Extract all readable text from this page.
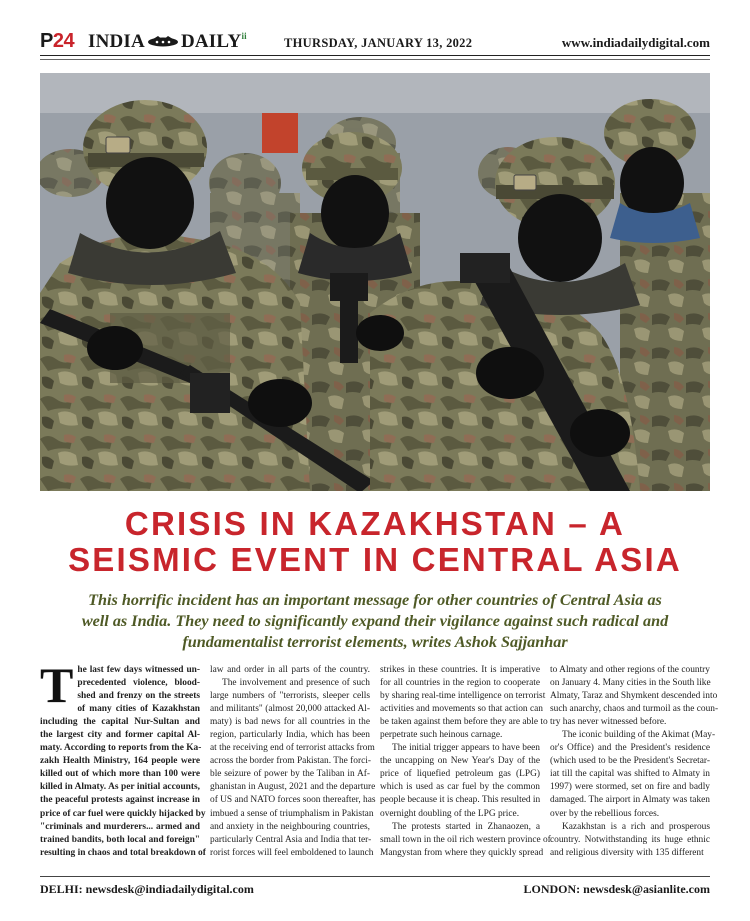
P24 INDIA DAILY$^{ii}$	THURSDAY, JANUARY 13, 2022	www.indiadailydigital.com
CRISIS IN KAZAKHSTAN – A
SEISMIC EVENT IN CENTRAL ASIA
This horrific incident has an important message for other countries of Central Asia as
well as India. They need to significantly expand their vigilance against such radical and
fundamentalist terrorist elements, writes Ashok Sajjanhar
T he last few days witnessed un-
precedented violence, blood-
shed and frenzy on the streets
of many cities of Kazakhstan
including the capital Nur-Sultan and
the largest city and former capital Al-
maty. According to reports from the Ka-
zakh Health Ministry, 164 people were
killed out of which more than 100 were
killed in Almaty. As per initial accounts,
the peaceful protests against increase in
price of car fuel were quickly hijacked by
"criminals and murderers... armed and
trained bandits, both local and foreign"
resulting in chaos and total breakdown of
law and order in all parts of the country.
The involvement and presence of such
large numbers of "terrorists, sleeper cells
and militants" (almost 20,000 attacked Al-
maty) is bad news for all countries in the
region, particularly India, which has been
at the receiving end of terrorist attacks from
across the border from Pakistan. The forci-
ble seizure of power by the Taliban in Af-
ghanistan in August, 2021 and the departure
of US and NATO forces soon thereafter, has
imbued a sense of triumphalism in Pakistan
and anxiety in the neighbouring countries,
particularly Central Asia and India that ter-
rorist forces will feel emboldened to launch
strikes in these countries. It is imperative
for all countries in the region to cooperate
by sharing real-time intelligence on terrorist
activities and movements so that action can
be taken against them before they are able to
perpetrate such heinous carnage.
The initial trigger appears to have been
the uncapping on New Year's Day of the
price of liquefied petroleum gas (LPG)
which is used as car fuel by the common
people because it is cheap. This resulted in
overnight doubling of the LPG price.
The protests started in Zhanaozen, a
small town in the oil rich western province of
Mangystan from where they quickly spread
to Almaty and other regions of the country
on January 4. Many cities in the South like
Almaty, Taraz and Shymkent descended into
such anarchy, chaos and turmoil as the coun-
try has never witnessed before.
The iconic building of the Akimat (May-
or's Office) and the President's residence
(which used to be the President's Secretar-
iat till the capital was shifted to Almaty in
1997) were stormed, set on fire and badly
damaged. The airport in Almaty was taken
over by the rebellious forces.
Kazakhstan is a rich and prosperous
country. Notwithstanding its huge ethnic
and religious diversity with 135 different
DELHI: newsdesk@indiadailydigital.com	LONDON: newsdesk@asianlite.com
